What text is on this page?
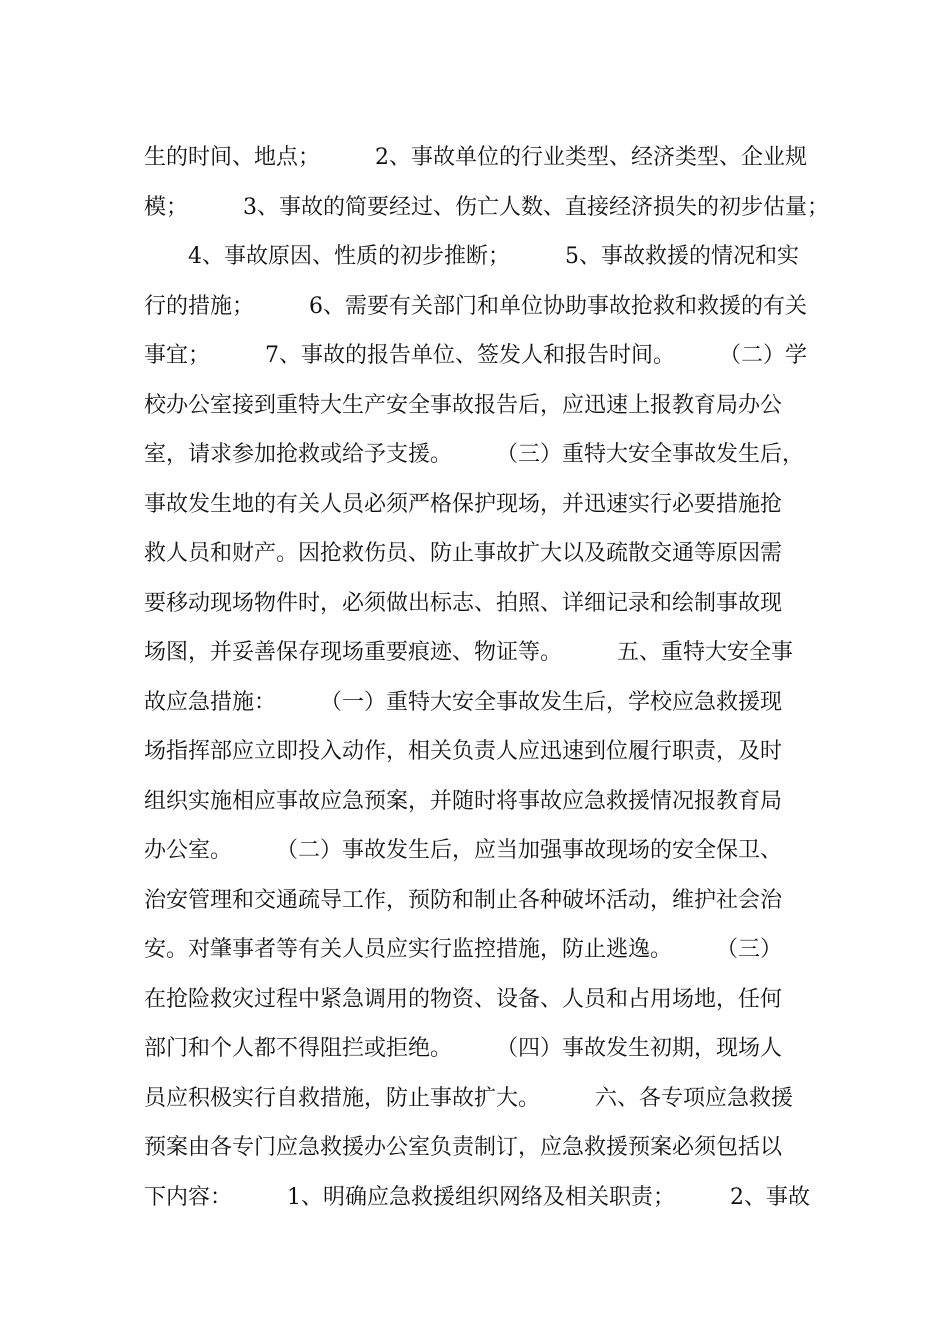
生的时间、地点；　　　2、事故单位的行业类型、经济类型、企业规
模；　　　3、事故的简要经过、伤亡人数、直接经济损失的初步估量；
　　4、事故原因、性质的初步推断；　　　5、事故救援的情况和实
行的措施；　　　6、需要有关部门和单位协助事故抢救和救援的有关
事宜；　　　7、事故的报告单位、签发人和报告时间。　　　（二）学
校办公室接到重特大生产安全事故报告后，应迅速上报教育局办公
室，请求参加抢救或给予支援。　　　（三）重特大安全事故发生后，
事故发生地的有关人员必须严格保护现场，并迅速实行必要措施抢
救人员和财产。因抢救伤员、防止事故扩大以及疏散交通等原因需
要移动现场物件时，必须做出标志、拍照、详细记录和绘制事故现
场图，并妥善保存现场重要痕迹、物证等。　　　五、重特大安全事
故应急措施：　　　（一）重特大安全事故发生后，学校应急救援现
场指挥部应立即投入动作，相关负责人应迅速到位履行职责，及时
组织实施相应事故应急预案，并随时将事故应急救援情况报教育局
办公室。　　　（二）事故发生后，应当加强事故现场的安全保卫、
治安管理和交通疏导工作，预防和制止各种破坏活动，维护社会治
安。对肇事者等有关人员应实行监控措施，防止逃逸。　　　（三）
在抢险救灾过程中紧急调用的物资、设备、人员和占用场地，任何
部门和个人都不得阻拦或拒绝。　　　（四）事故发生初期，现场人
员应积极实行自救措施，防止事故扩大。　　　六、各专项应急救援
预案由各专门应急救援办公室负责制订，应急救援预案必须包括以
下内容：　　　1、明确应急救援组织网络及相关职责；　　　2、事故
